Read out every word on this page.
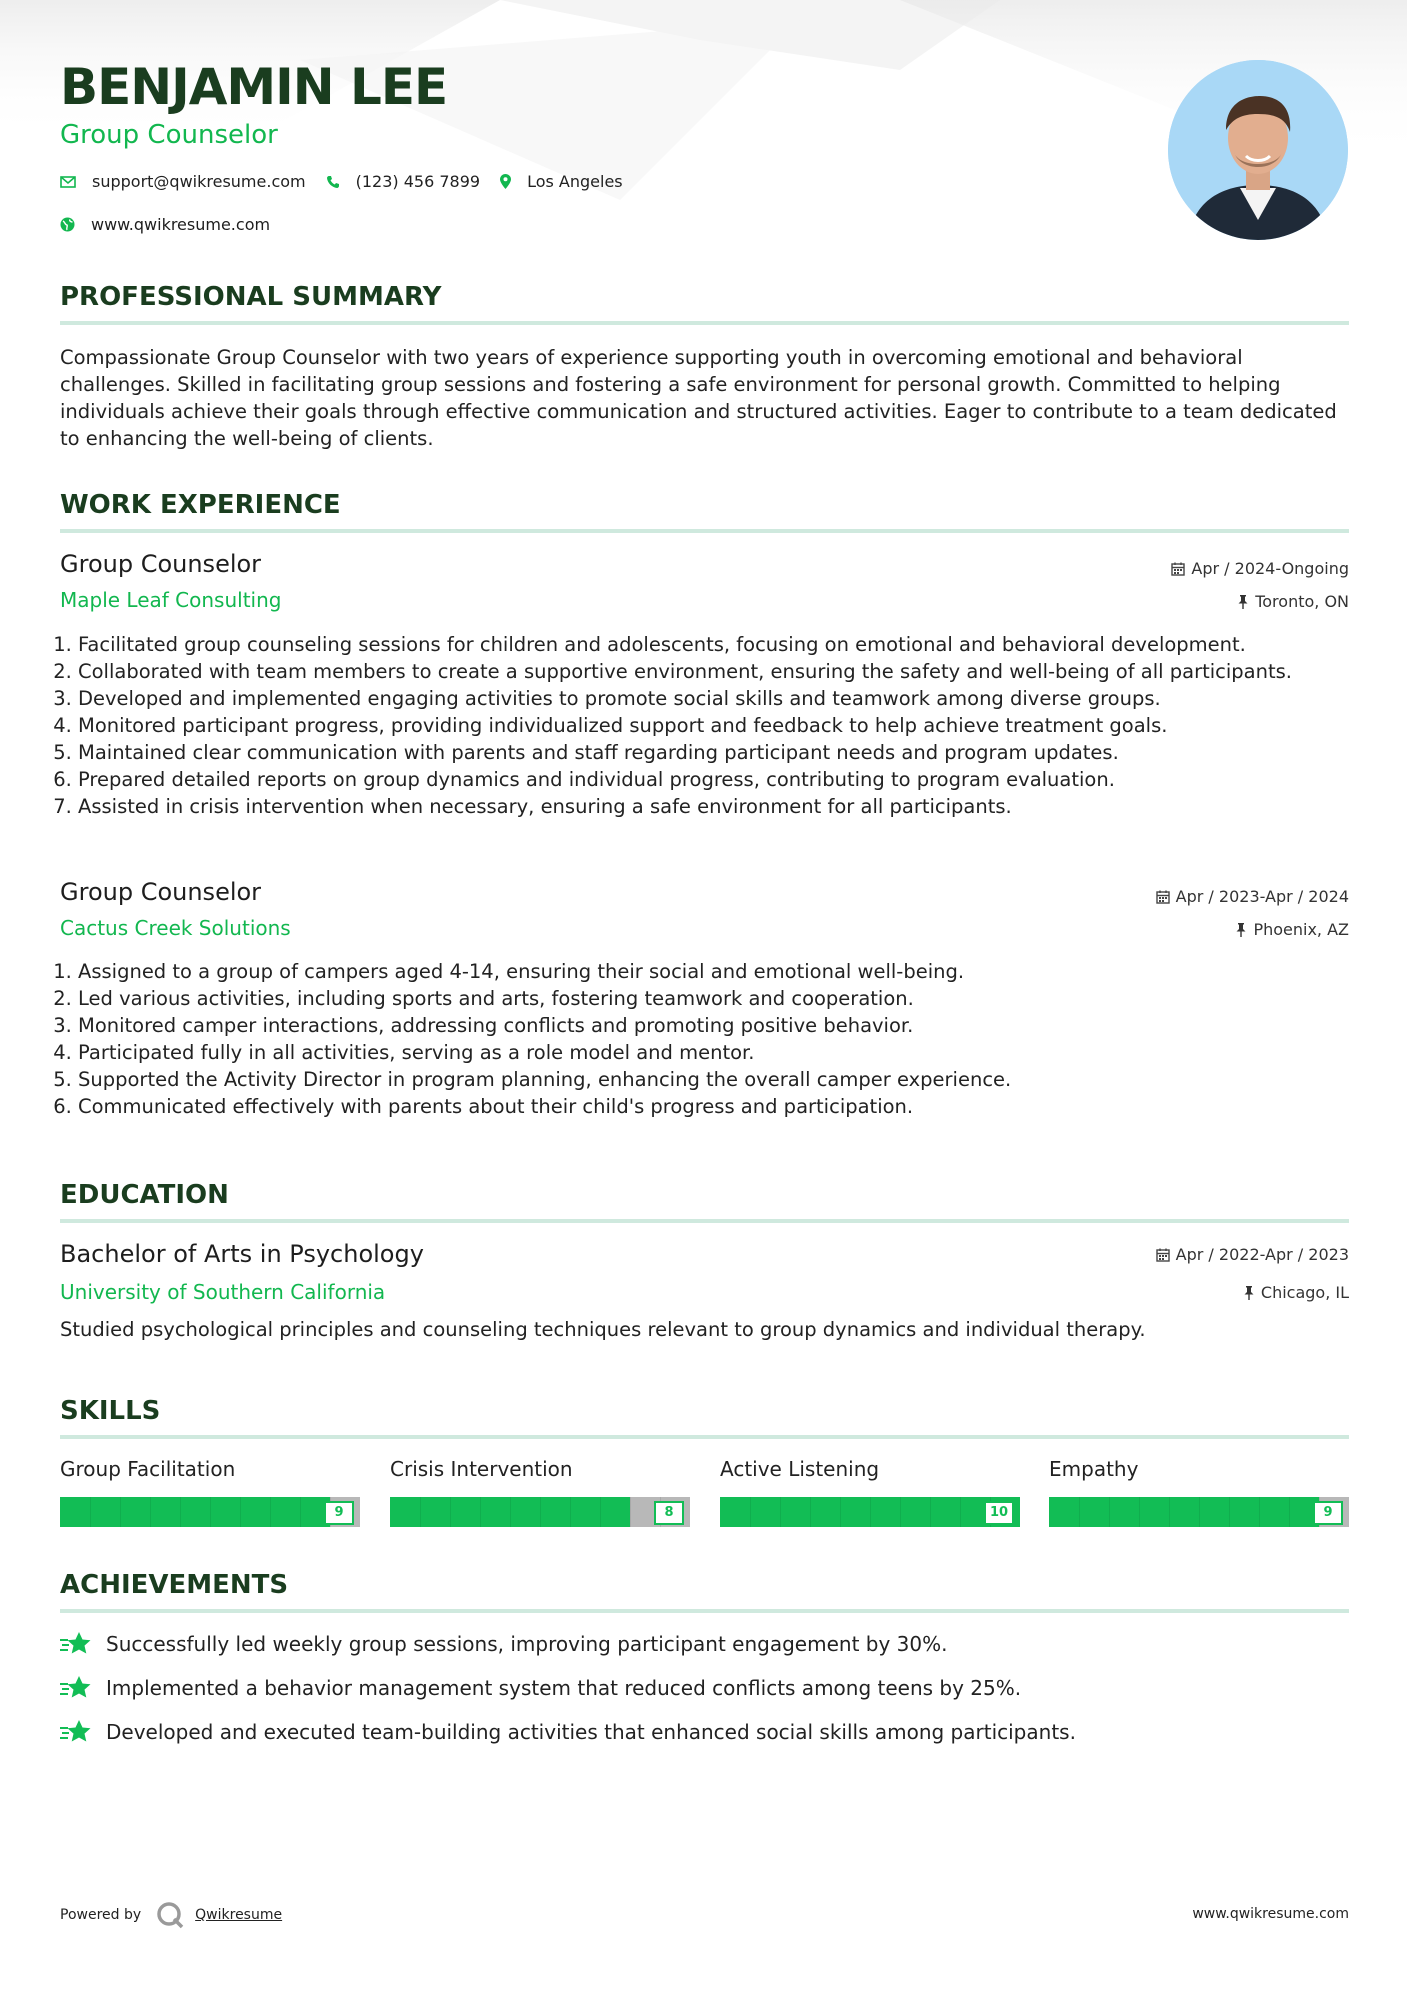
BENJAMIN LEE
Group Counselor
support@qwikresume.com	(123) 456 7899	Los Angeles
www.qwikresume.com
PROFESSIONAL SUMMARY

Compassionate Group Counselor with two years of experience supporting youth in overcoming emotional and behavioral challenges. Skilled in facilitating group sessions and fostering a safe environment for personal growth. Committed to helping individuals achieve their goals through effective communication and structured activities. Eager to contribute to a team dedicated to enhancing the well-being of clients.

WORK EXPERIENCE
Group Counselor	Apr / 2024-Ongoing
Maple Leaf Consulting	Toronto, ON
1. Facilitated group counseling sessions for children and adolescents, focusing on emotional and behavioral development.
2. Collaborated with team members to create a supportive environment, ensuring the safety and well-being of all participants.
3. Developed and implemented engaging activities to promote social skills and teamwork among diverse groups.
4. Monitored participant progress, providing individualized support and feedback to help achieve treatment goals.
5. Maintained clear communication with parents and staff regarding participant needs and program updates.
6. Prepared detailed reports on group dynamics and individual progress, contributing to program evaluation.
7. Assisted in crisis intervention when necessary, ensuring a safe environment for all participants.
Group Counselor	Apr / 2023-Apr / 2024
Cactus Creek Solutions	Phoenix, AZ
1. Assigned to a group of campers aged 4-14, ensuring their social and emotional well-being.
2. Led various activities, including sports and arts, fostering teamwork and cooperation.
3. Monitored camper interactions, addressing conflicts and promoting positive behavior.
4. Participated fully in all activities, serving as a role model and mentor.
5. Supported the Activity Director in program planning, enhancing the overall camper experience.
6. Communicated effectively with parents about their child's progress and participation.
EDUCATION
Bachelor of Arts in Psychology	Apr / 2022-Apr / 2023
University of Southern California	Chicago, IL

Studied psychological principles and counseling techniques relevant to group dynamics and individual therapy.

SKILLS
Group Facilitation
9
Crisis Intervention
8
Active Listening
10
Empathy
9
ACHIEVEMENTS
Successfully led weekly group sessions, improving participant engagement by 30%.
Implemented a behavior management system that reduced conflicts among teens by 25%.
Developed and executed team-building activities that enhanced social skills among participants.
Powered by	Qwikresume	www.qwikresume.com
